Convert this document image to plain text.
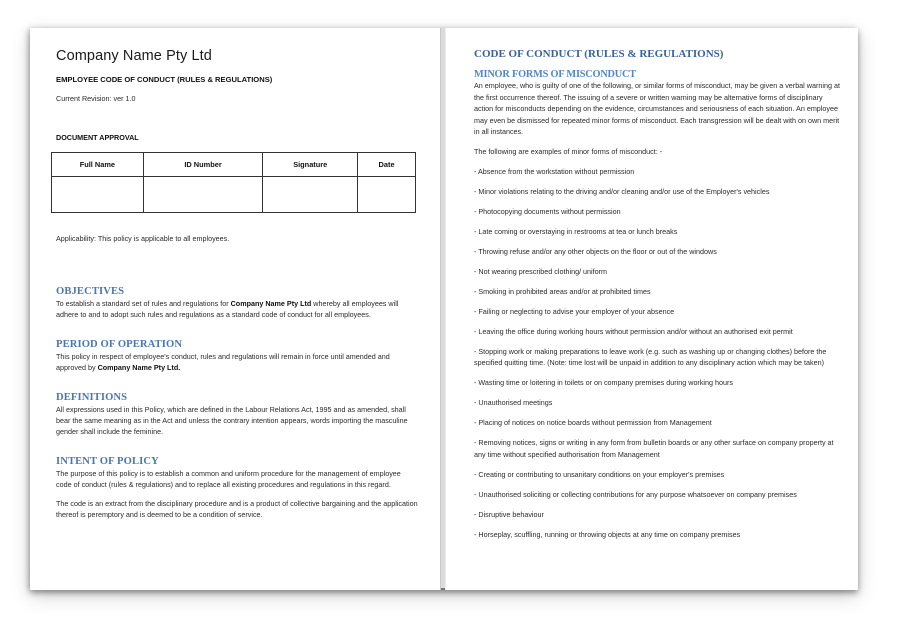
Company Name Pty Ltd
EMPLOYEE CODE OF CONDUCT (RULES & REGULATIONS)

Current Revision: ver 1.0

DOCUMENT APPROVAL
Full Name	ID Number	Signature	Date

Applicability: This policy is applicable to all employees.

OBJECTIVES

To establish a standard set of rules and regulations for Company Name Pty Ltd whereby all employees will adhere to and to adopt such rules and regulations as a standard code of conduct for all employees.

PERIOD OF OPERATION

This policy in respect of employee's conduct, rules and regulations will remain in force until amended and approved by Company Name Pty Ltd.

DEFINITIONS

All expressions used in this Policy, which are defined in the Labour Relations Act, 1995 and as amended, shall bear the same meaning as in the Act and unless the contrary intention appears, words importing the masculine gender shall include the feminine.

INTENT OF POLICY

The purpose of this policy is to establish a common and uniform procedure for the management of employee code of conduct (rules & regulations) and to replace all existing procedures and regulations in this regard.

The code is an extract from the disciplinary procedure and is a product of collective bargaining and the application thereof is peremptory and is deemed to be a condition of service.

CODE OF CONDUCT (RULES & REGULATIONS)
MINOR FORMS OF MISCONDUCT

An employee, who is guilty of one of the following, or similar forms of misconduct, may be given a verbal warning at the first occurrence thereof. The issuing of a severe or written warning may be alternative forms of disciplinary action for misconducts depending on the evidence, circumstances and seriousness of each situation. An employee may even be dismissed for repeated minor forms of misconduct. Each transgression will be dealt with on own merit in all instances.

The following are examples of minor forms of misconduct: -

- Absence from the workstation without permission
- Minor violations relating to the driving and/or cleaning and/or use of the Employer's vehicles
- Photocopying documents without permission
- Late coming or overstaying in restrooms at tea or lunch breaks
- Throwing refuse and/or any other objects on the floor or out of the windows
- Not wearing prescribed clothing/ uniform
- Smoking in prohibited areas and/or at prohibited times
- Failing or neglecting to advise your employer of your absence
- Leaving the office during working hours without permission and/or without an authorised exit permit
- Stopping work or making preparations to leave work (e.g. such as washing up or changing clothes) before the specified quitting time. (Note: time lost will be unpaid in addition to any disciplinary action which may be taken)
- Wasting time or loitering in toilets or on company premises during working hours
- Unauthorised meetings
- Placing of notices on notice boards without permission from Management
- Removing notices, signs or writing in any form from bulletin boards or any other surface on company property at any time without specified authorisation from Management
- Creating or contributing to unsanitary conditions on your employer's premises
- Unauthorised soliciting or collecting contributions for any purpose whatsoever on company premises
- Disruptive behaviour
- Horseplay, scuffling, running or throwing objects at any time on company premises
